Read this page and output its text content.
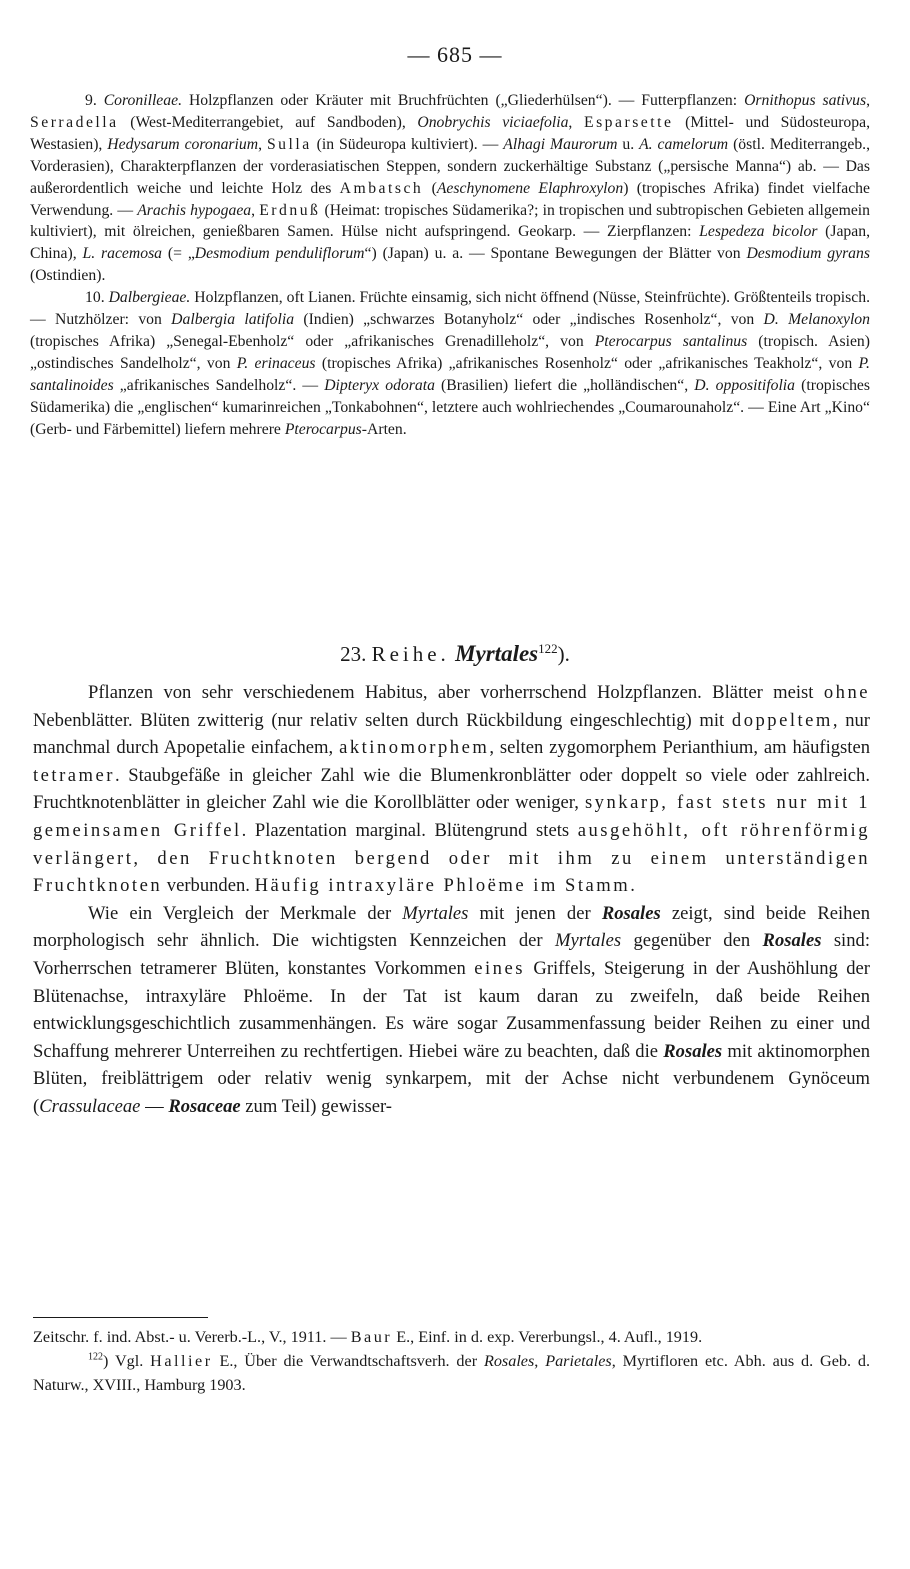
— 685 —

9. Coronilleae. Holzpflanzen oder Kräuter mit Bruchfrüchten („Gliederhülsen“). — Futterpflanzen: Ornithopus sativus, Serradella (West-Mediterrangebiet, auf Sandboden), Onobrychis viciaefolia, Esparsette (Mittel- und Südosteuropa, Westasien), Hedysarum coronarium, Sulla (in Südeuropa kultiviert). — Alhagi Maurorum u. A. camelorum (östl. Mediterrangeb., Vorderasien), Charakterpflanzen der vorderasiatischen Steppen, sondern zuckerhältige Substanz („persische Manna“) ab. — Das außerordentlich weiche und leichte Holz des Ambatsch (Aeschynomene Elaphroxylon) (tropisches Afrika) findet vielfache Verwendung. — Arachis hypogaea, Erdnuß (Heimat: tropisches Südamerika?; in tropischen und subtropischen Gebieten allgemein kultiviert), mit ölreichen, genießbaren Samen. Hülse nicht aufspringend. Geokarp. — Zierpflanzen: Lespedeza bicolor (Japan, China), L. racemosa (= „Desmodium penduliflorum“) (Japan) u. a. — Spontane Bewegungen der Blätter von Desmodium gyrans (Ostindien).

10. Dalbergieae. Holzpflanzen, oft Lianen. Früchte einsamig, sich nicht öffnend (Nüsse, Steinfrüchte). Größtenteils tropisch. — Nutzhölzer: von Dalbergia latifolia (Indien) „schwarzes Botanyholz“ oder „indisches Rosenholz“, von D. Melanoxylon (tropisches Afrika) „Senegal-Ebenholz“ oder „afrikanisches Grenadilleholz“, von Pterocarpus santalinus (tropisch. Asien) „ostindisches Sandelholz“, von P. erinaceus (tropisches Afrika) „afrikanisches Rosenholz“ oder „afrikanisches Teakholz“, von P. santalinoides „afrikanisches Sandelholz“. — Dipteryx odorata (Brasilien) liefert die „holländischen“, D. oppositifolia (tropisches Südamerika) die „englischen“ kumarinreichen „Tonkabohnen“, letztere auch wohlriechendes „Coumarounaholz“. — Eine Art „Kino“ (Gerb- und Färbemittel) liefern mehrere Pterocarpus-Arten.

23. Reihe. Myrtales$^{122}$).

Pflanzen von sehr verschiedenem Habitus, aber vorherrschend Holzpflanzen. Blätter meist ohne Nebenblätter. Blüten zwitterig (nur relativ selten durch Rückbildung eingeschlechtig) mit doppeltem, nur manchmal durch Apopetalie einfachem, aktinomorphem, selten zygomorphem Perianthium, am häufigsten tetramer. Staubgefäße in gleicher Zahl wie die Blumenkronblätter oder doppelt so viele oder zahlreich. Fruchtknotenblätter in gleicher Zahl wie die Korollblätter oder weniger, synkarp, fast stets nur mit 1 gemeinsamen Griffel. Plazentation marginal. Blütengrund stets ausgehöhlt, oft röhrenförmig verlängert, den Fruchtknoten bergend oder mit ihm zu einem unterständigen Fruchtknoten verbunden. Häufig intraxyläre Phloëme im Stamm.

Wie ein Vergleich der Merkmale der Myrtales mit jenen der Rosales zeigt, sind beide Reihen morphologisch sehr ähnlich. Die wichtigsten Kennzeichen der Myrtales gegenüber den Rosales sind: Vorherrschen tetramerer Blüten, konstantes Vorkommen eines Griffels, Steigerung in der Aushöhlung der Blütenachse, intraxyläre Phloëme. In der Tat ist kaum daran zu zweifeln, daß beide Reihen entwicklungsgeschichtlich zusammenhängen. Es wäre sogar Zusammenfassung beider Reihen zu einer und Schaffung mehrerer Unterreihen zu rechtfertigen. Hiebei wäre zu beachten, daß die Rosales mit aktinomorphen Blüten, freiblättrigem oder relativ wenig synkarpem, mit der Achse nicht verbundenem Gynöceum (Crassulaceae — Rosaceae zum Teil) gewisser-

Zeitschr. f. ind. Abst.- u. Vererb.-L., V., 1911. — Baur E., Einf. in d. exp. Vererbungsl., 4. Aufl., 1919.

$^{122}$) Vgl. Hallier E., Über die Verwandtschaftsverh. der Rosales, Parietales, Myrtifloren etc. Abh. aus d. Geb. d. Naturw., XVIII., Hamburg 1903.
